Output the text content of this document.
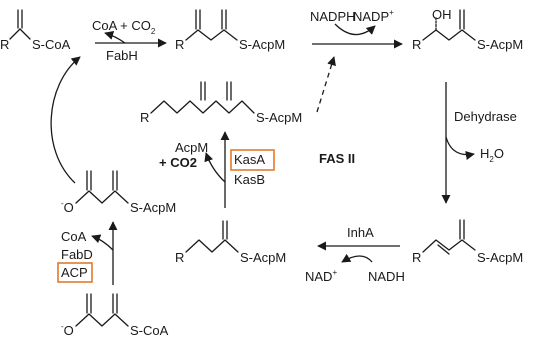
R S-CoA
CoA + $CO_2$
FabH
R	S-AcpM
NADPH
NADP+
R
OH
S-AcpM
Dehydrase
$H_2O$
R	S-AcpM
InhA
NAD+ NADH
R	S-AcpM
FAS II
R	S-AcpM
AcpM
+ CO2	KasA
KasB
-O	S-AcpM
CoA
FabD
ACP
-O	S-CoA
